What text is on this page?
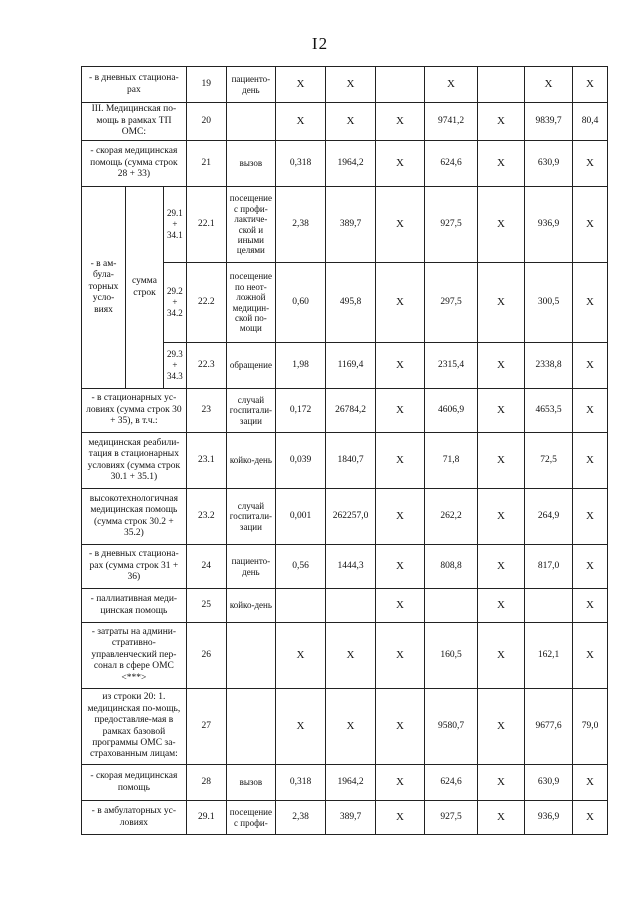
I2
- в дневных стациона-рах			19	пациенто-день	X	X		X		X	X
III. Медицинская по-мощь в рамках ТП ОМС:			20		X	X	X	9741,2	X	9839,7	80,4
- скорая медицинская помощь (сумма строк 28 + 33)			21	вызов	0,318	1964,2	X	624,6	X	630,9	X
- в ам-була-торных усло-виях	сумма строк	29.1 + 34.1	22.1	посещение с профи-лактиче-ской и иными целями	2,38	389,7	X	927,5	X	936,9	X
		29.2 + 34.2	22.2	посещение по неот-ложной медицин-ской по-мощи	0,60	495,8	X	297,5	X	300,5	X
		29.3 + 34.3	22.3	обращение	1,98	1169,4	X	2315,4	X	2338,8	X
- в стационарных ус-ловиях (сумма строк 30 + 35), в т.ч.:			23	случай госпитали-зации	0,172	26784,2	X	4606,9	X	4653,5	X
медицинская реабили-тация в стационарных условиях (сумма строк 30.1 + 35.1)			23.1	койко-день	0,039	1840,7	X	71,8	X	72,5	X
высокотехнологичная медицинская помощь (сумма строк 30.2 + 35.2)			23.2	случай госпитали-зации	0,001	262257,0	X	262,2	X	264,9	X
- в дневных стациона-рах (сумма строк 31 + 36)			24	пациенто-день	0,56	1444,3	X	808,8	X	817,0	X
- паллиативная меди-цинская помощь			25	койко-день			X		X		X
- затраты на админи-стративно-управленческий пер-сонал в сфере ОМС <***>			26		X	X	X	160,5	X	162,1	X
из строки 20: 1. медицинская по-мощь, предоставляе-мая в рамках базовой программы ОМС за-страхованным лицам:			27		X	X	X	9580,7	X	9677,6	79,0
- скорая медицинская помощь			28	вызов	0,318	1964,2	X	624,6	X	630,9	X
- в амбулаторных ус-ловиях			29.1	посещение с профи-	2,38	389,7	X	927,5	X	936,9	X
